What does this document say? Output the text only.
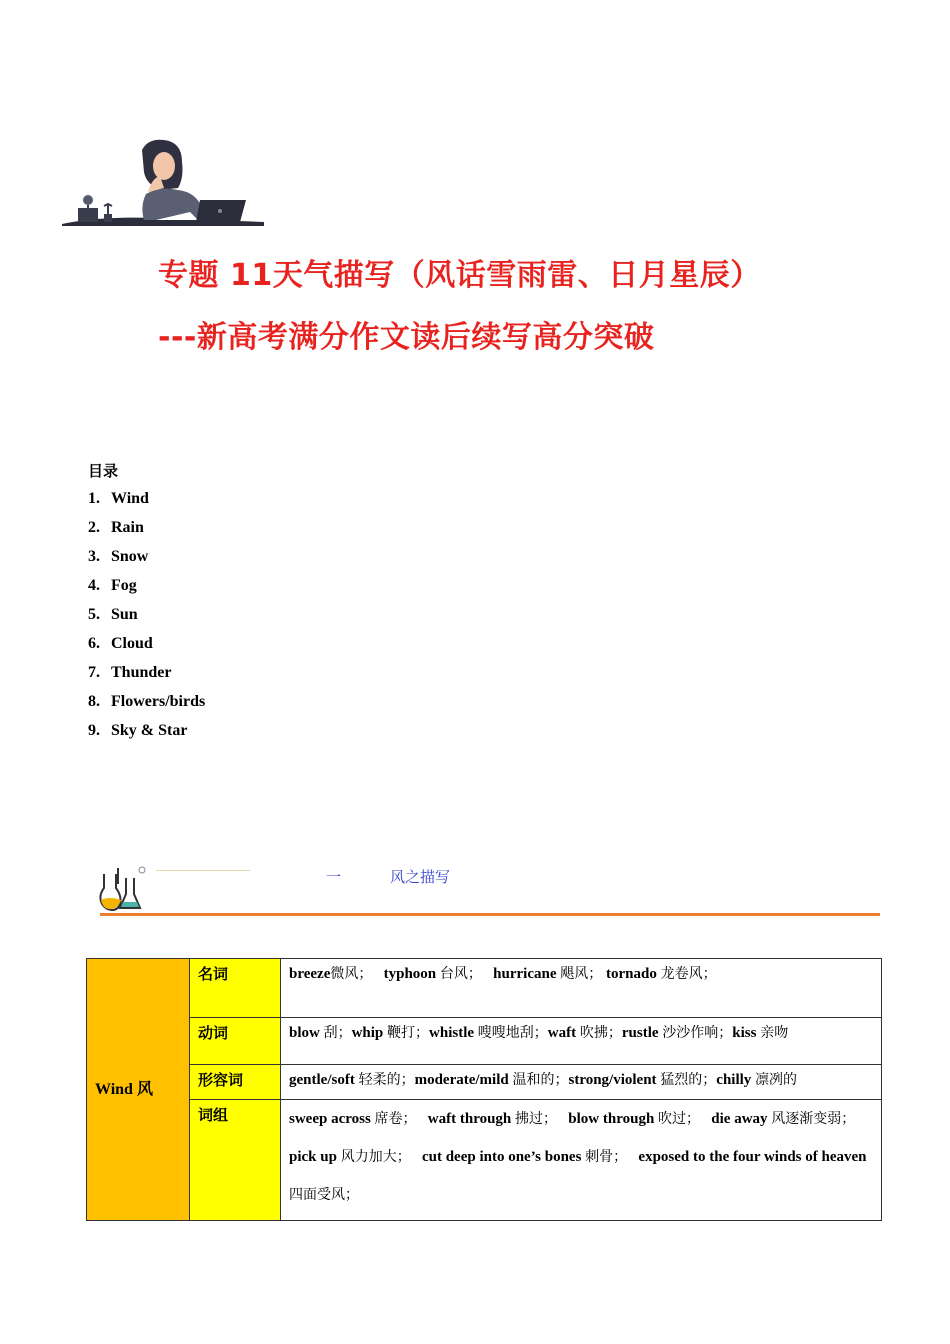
专题 11天气描写（风话雪雨雷、日月星辰）
---新高考满分作文读后续写高分突破
目录
1. Wind
2. Rain
3. Snow
4. Fog
5. Sun
6. Cloud
7. Thunder
8. Flowers/birds
9. Sky & Star
一	风之描写
Wind 风	名词	breeze微风； typhoon 台风； hurricane 飓风； tornado 龙卷风；
	动词	blow 刮；whip 鞭打；whistle 嗖嗖地刮；waft 吹拂；rustle 沙沙作响；kiss 亲吻
	形容词	gentle/soft 轻柔的；moderate/mild 温和的；strong/violent 猛烈的；chilly 凛冽的
	词组	sweep across 席卷； waft through 拂过； blow through 吹过； die away 风逐渐变弱；   pick up 风力加大； cut deep into one’s bones 刺骨； exposed to the four winds of heaven 四面受风；
